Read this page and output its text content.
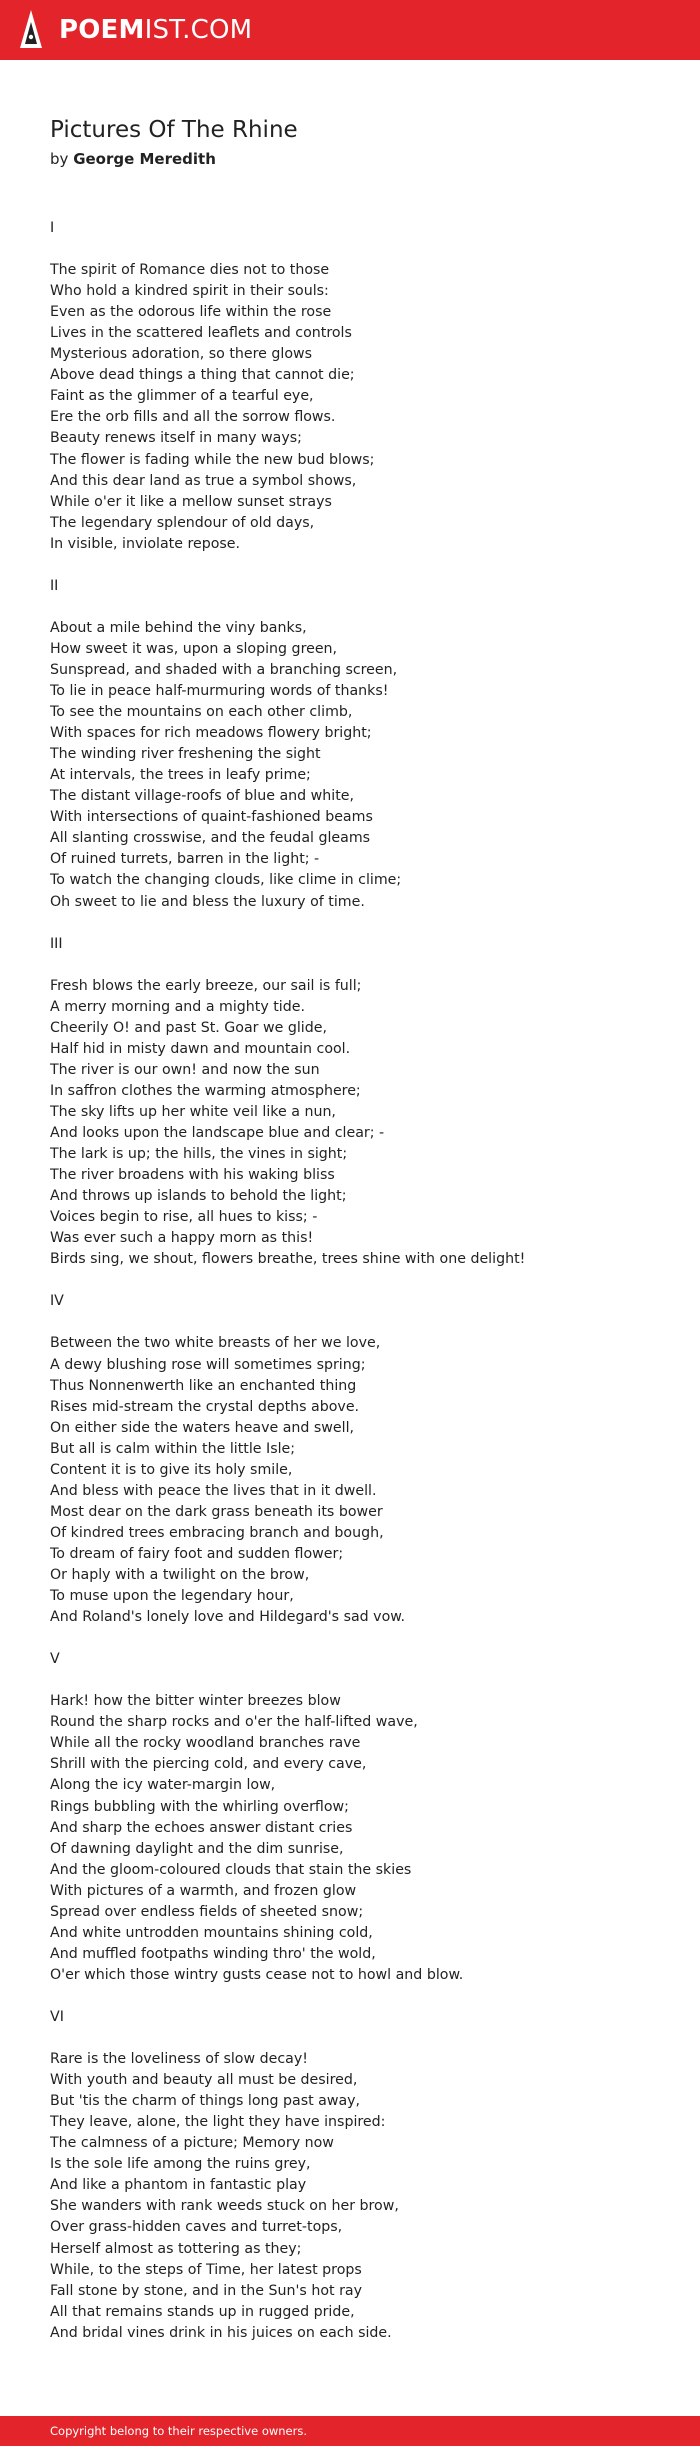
POEMIST.COM
Pictures Of The Rhine
by George Meredith
I
The spirit of Romance dies not to those
Who hold a kindred spirit in their souls:
Even as the odorous life within the rose
Lives in the scattered leaflets and controls
Mysterious adoration, so there glows
Above dead things a thing that cannot die;
Faint as the glimmer of a tearful eye,
Ere the orb fills and all the sorrow flows.
Beauty renews itself in many ways;
The flower is fading while the new bud blows;
And this dear land as true a symbol shows,
While o'er it like a mellow sunset strays
The legendary splendour of old days,
In visible, inviolate repose.
II
About a mile behind the viny banks,
How sweet it was, upon a sloping green,
Sunspread, and shaded with a branching screen,
To lie in peace half-murmuring words of thanks!
To see the mountains on each other climb,
With spaces for rich meadows flowery bright;
The winding river freshening the sight
At intervals, the trees in leafy prime;
The distant village-roofs of blue and white,
With intersections of quaint-fashioned beams
All slanting crosswise, and the feudal gleams
Of ruined turrets, barren in the light; -
To watch the changing clouds, like clime in clime;
Oh sweet to lie and bless the luxury of time.
III
Fresh blows the early breeze, our sail is full;
A merry morning and a mighty tide.
Cheerily O! and past St. Goar we glide,
Half hid in misty dawn and mountain cool.
The river is our own! and now the sun
In saffron clothes the warming atmosphere;
The sky lifts up her white veil like a nun,
And looks upon the landscape blue and clear; -
The lark is up; the hills, the vines in sight;
The river broadens with his waking bliss
And throws up islands to behold the light;
Voices begin to rise, all hues to kiss; -
Was ever such a happy morn as this!
Birds sing, we shout, flowers breathe, trees shine with one delight!
IV
Between the two white breasts of her we love,
A dewy blushing rose will sometimes spring;
Thus Nonnenwerth like an enchanted thing
Rises mid-stream the crystal depths above.
On either side the waters heave and swell,
But all is calm within the little Isle;
Content it is to give its holy smile,
And bless with peace the lives that in it dwell.
Most dear on the dark grass beneath its bower
Of kindred trees embracing branch and bough,
To dream of fairy foot and sudden flower;
Or haply with a twilight on the brow,
To muse upon the legendary hour,
And Roland's lonely love and Hildegard's sad vow.
V
Hark! how the bitter winter breezes blow
Round the sharp rocks and o'er the half-lifted wave,
While all the rocky woodland branches rave
Shrill with the piercing cold, and every cave,
Along the icy water-margin low,
Rings bubbling with the whirling overflow;
And sharp the echoes answer distant cries
Of dawning daylight and the dim sunrise,
And the gloom-coloured clouds that stain the skies
With pictures of a warmth, and frozen glow
Spread over endless fields of sheeted snow;
And white untrodden mountains shining cold,
And muffled footpaths winding thro' the wold,
O'er which those wintry gusts cease not to howl and blow.
VI
Rare is the loveliness of slow decay!
With youth and beauty all must be desired,
But 'tis the charm of things long past away,
They leave, alone, the light they have inspired:
The calmness of a picture; Memory now
Is the sole life among the ruins grey,
And like a phantom in fantastic play
She wanders with rank weeds stuck on her brow,
Over grass-hidden caves and turret-tops,
Herself almost as tottering as they;
While, to the steps of Time, her latest props
Fall stone by stone, and in the Sun's hot ray
All that remains stands up in rugged pride,
And bridal vines drink in his juices on each side.
Copyright belong to their respective owners.
